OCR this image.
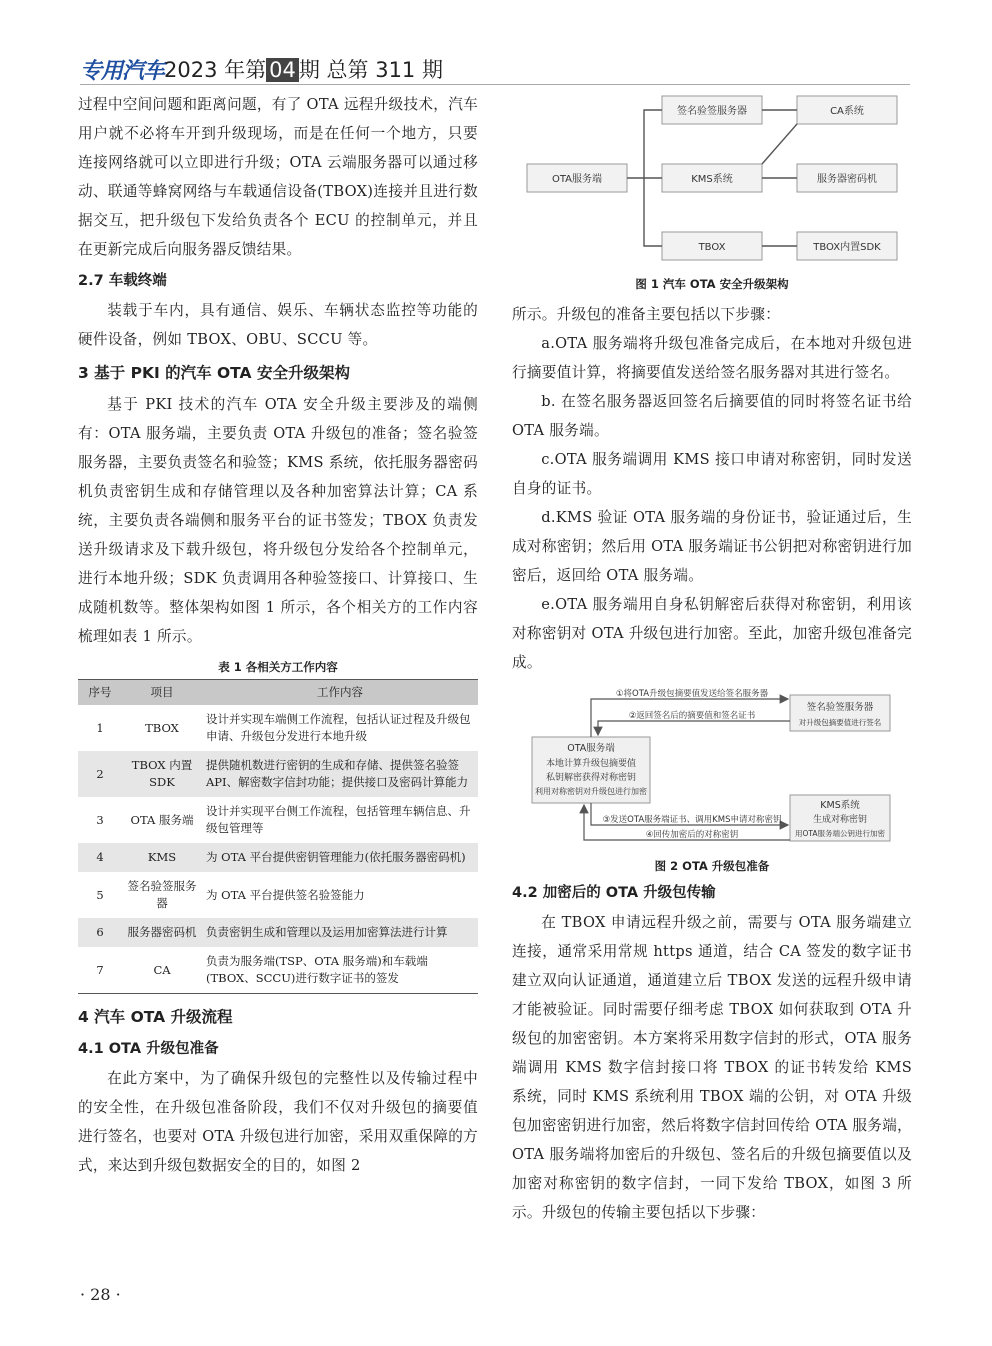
专用汽车 2023 年第 04 期 总第 311 期

过程中空间问题和距离问题，有了 OTA 远程升级技术，汽车用户就不必将车开到升级现场，而是在任何一个地方，只要连接网络就可以立即进行升级；OTA 云端服务器可以通过移动、联通等蜂窝网络与车载通信设备(TBOX)连接并且进行数据交互，把升级包下发给负责各个 ECU 的控制单元，并且在更新完成后向服务器反馈结果。

2.7 车载终端

装载于车内，具有通信、娱乐、车辆状态监控等功能的硬件设备，例如 TBOX、OBU、SCCU 等。

3 基于 PKI 的汽车 OTA 安全升级架构

基于 PKI 技术的汽车 OTA 安全升级主要涉及的端侧有：OTA 服务端，主要负责 OTA 升级包的准备；签名验签服务器，主要负责签名和验签；KMS 系统，依托服务器密码机负责密钥生成和存储管理以及各种加密算法计算；CA 系统，主要负责各端侧和服务平台的证书签发；TBOX 负责发送升级请求及下载升级包，将升级包分发给各个控制单元，进行本地升级；SDK 负责调用各种验签接口、计算接口、生成随机数等。整体架构如图 1 所示，各个相关方的工作内容梳理如表 1 所示。

表 1 各相关方工作内容
序号	项目	工作内容
1	TBOX	设计并实现车端侧工作流程，包括认证过程及升级包申请、升级包分发进行本地升级
2	TBOX 内置 SDK	提供随机数进行密钥的生成和存储、提供签名验签 API、解密数字信封功能；提供接口及密码计算能力
3	OTA 服务端	设计并实现平台侧工作流程，包括管理车辆信息、升级包管理等
4	KMS	为 OTA 平台提供密钥管理能力(依托服务器密码机)
5	签名验签服务器	为 OTA 平台提供签名验签能力
6	服务器密码机	负责密钥生成和管理以及运用加密算法进行计算
7	CA	负责为服务端(TSP、OTA 服务端)和车载端(TBOX、SCCU)进行数字证书的签发
4 汽车 OTA 升级流程
4.1 OTA 升级包准备

在此方案中，为了确保升级包的完整性以及传输过程中的安全性，在升级包准备阶段，我们不仅对升级包的摘要值进行签名，也要对 OTA 升级包进行加密，采用双重保障的方式，来达到升级包数据安全的目的，如图 2

签名验签服务器	CA系统
OTA服务端	KMS系统	服务器密码机
TBOX	TBOX内置SDK
图 1 汽车 OTA 安全升级架构

所示。升级包的准备主要包括以下步骤：

a.OTA 服务端将升级包准备完成后，在本地对升级包进行摘要值计算，将摘要值发送给签名服务器对其进行签名。

b. 在签名服务器返回签名后摘要值的同时将签名证书给 OTA 服务端。

c.OTA 服务端调用 KMS 接口申请对称密钥，同时发送自身的证书。

d.KMS 验证 OTA 服务端的身份证书，验证通过后，生成对称密钥；然后用 OTA 服务端证书公钥把对称密钥进行加密后，返回给 OTA 服务端。

e.OTA 服务端用自身私钥解密后获得对称密钥，利用该对称密钥对 OTA 升级包进行加密。至此，加密升级包准备完成。

OTA服务端
本地计算升级包摘要值
私钥解密获得对称密钥
利用对称密钥对升级包进行加密
签名验签服务器
对升级包摘要值进行签名
KMS系统
生成对称密钥
用OTA服务端公钥进行加密
①将OTA升级包摘要值发送给签名服务器
②返回签名后的摘要值和签名证书
③发送OTA服务端证书、调用KMS申请对称密钥
④回传加密后的对称密钥
图 2 OTA 升级包准备
4.2 加密后的 OTA 升级包传输

在 TBOX 申请远程升级之前，需要与 OTA 服务端建立连接，通常采用常规 https 通道，结合 CA 签发的数字证书建立双向认证通道，通道建立后 TBOX 发送的远程升级申请才能被验证。同时需要仔细考虑 TBOX 如何获取到 OTA 升级包的加密密钥。本方案将采用数字信封的形式，OTA 服务端调用 KMS 数字信封接口将 TBOX 的证书转发给 KMS 系统，同时 KMS 系统利用 TBOX 端的公钥，对 OTA 升级包加密密钥进行加密，然后将数字信封回传给 OTA 服务端，OTA 服务端将加密后的升级包、签名后的升级包摘要值以及加密对称密钥的数字信封，一同下发给 TBOX，如图 3 所示。升级包的传输主要包括以下步骤：

· 28 ·
